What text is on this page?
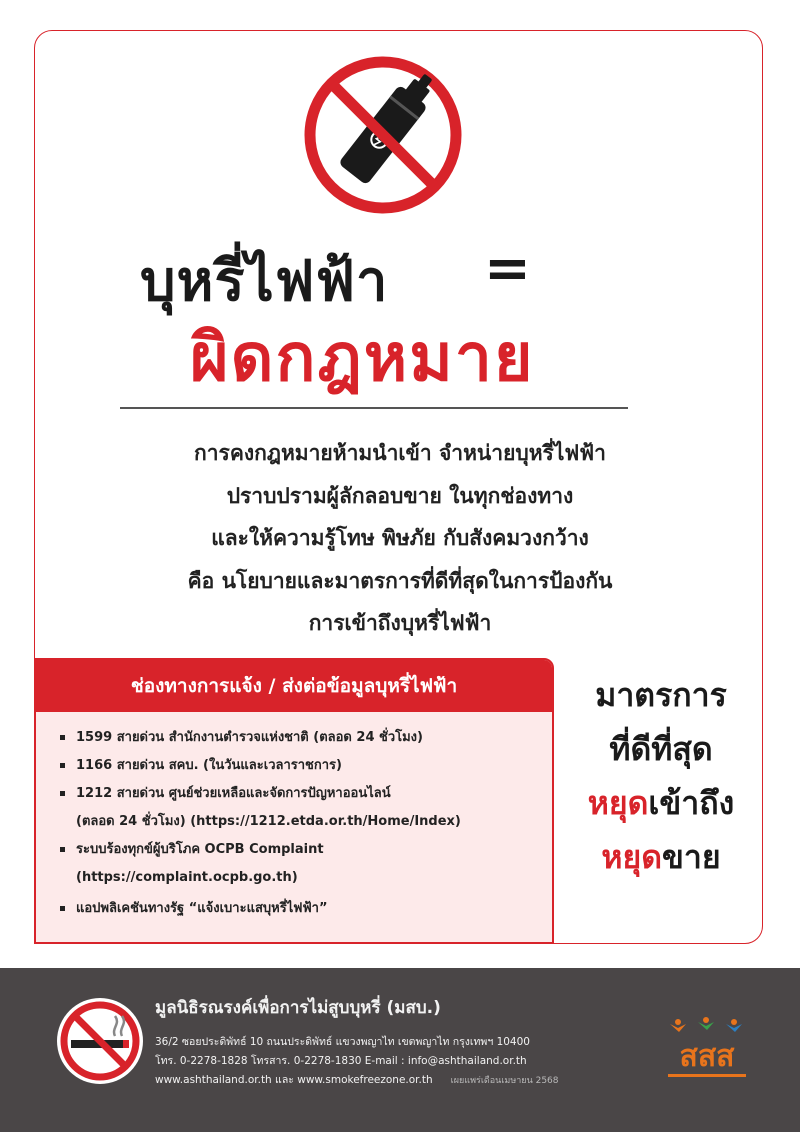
บุหรี่ไฟฟ้า =
ผิดกฎหมาย
การคงกฎหมายห้ามนำเข้า จำหน่ายบุหรี่ไฟฟ้า
ปราบปรามผู้ลักลอบขาย ในทุกช่องทาง
และให้ความรู้โทษ พิษภัย กับสังคมวงกว้าง
คือ นโยบายและมาตรการที่ดีที่สุดในการป้องกัน
การเข้าถึงบุหรี่ไฟฟ้า
ช่องทางการแจ้ง / ส่งต่อข้อมูลบุหรี่ไฟฟ้า
1599 สายด่วน สำนักงานตำรวจแห่งชาติ (ตลอด 24 ชั่วโมง)
1166 สายด่วน สคบ. (ในวันและเวลาราชการ)
1212 สายด่วน ศูนย์ช่วยเหลือและจัดการปัญหาออนไลน์
(ตลอด 24 ชั่วโมง) (https://1212.etda.or.th/Home/Index)
ระบบร้องทุกข์ผู้บริโภค OCPB Complaint
(https://complaint.ocpb.go.th)
แอปพลิเคชันทางรัฐ “แจ้งเบาะแสบุหรี่ไฟฟ้า”
มาตรการ
ที่ดีที่สุด
หยุดเข้าถึง
หยุดขาย
มูลนิธิรณรงค์เพื่อการไม่สูบบุหรี่ (มสบ.)
36/2 ซอยประดิพัทธ์ 10 ถนนประดิพัทธ์ แขวงพญาไท เขตพญาไท กรุงเทพฯ 10400
โทร. 0-2278-1828 โทรสาร. 0-2278-1830 E-mail : info@ashthailand.or.th
www.ashthailand.or.th และ www.smokefreezone.or.th เผยแพร่เดือนเมษายน 2568
สสส
